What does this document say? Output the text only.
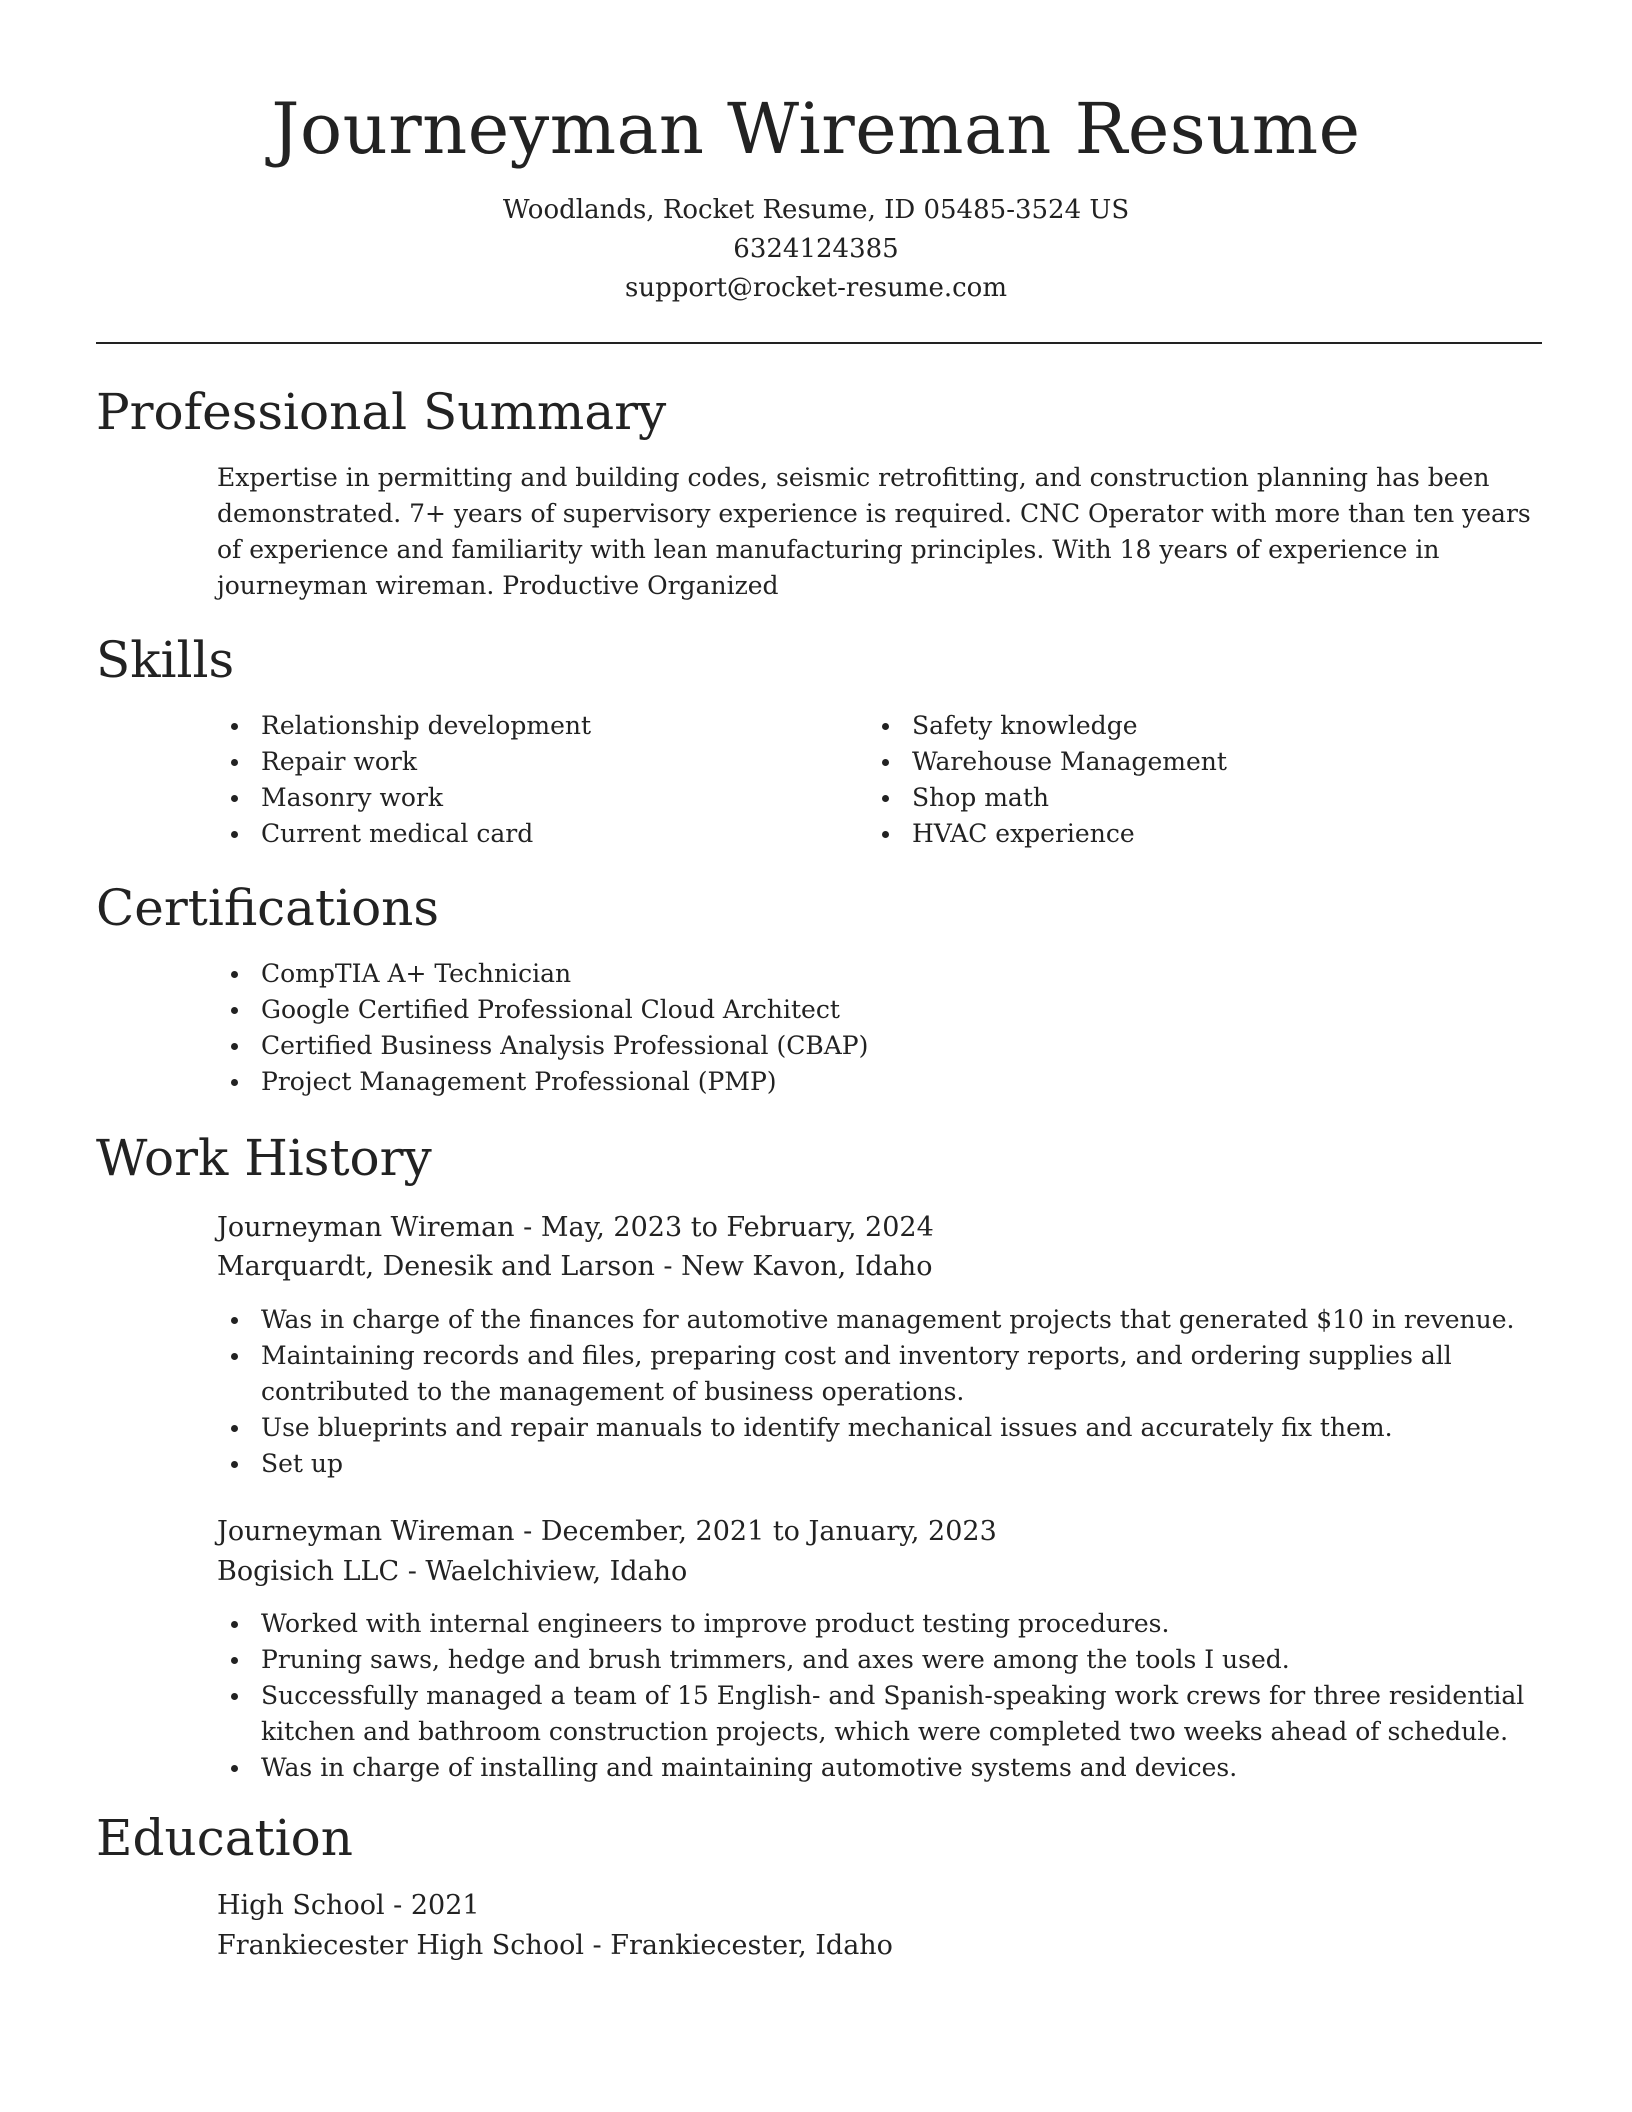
Journeyman Wireman Resume
Woodlands, Rocket Resume, ID 05485-3524 US
6324124385
support@rocket-resume.com
Professional Summary

Expertise in permitting and building codes, seismic retrofitting, and construction planning has been demonstrated. 7+ years of supervisory experience is required. CNC Operator with more than ten years of experience and familiarity with lean manufacturing principles. With 18 years of experience in journeyman wireman. Productive Organized

Skills
Relationship development
Repair work
Masonry work
Current medical card
Safety knowledge
Warehouse Management
Shop math
HVAC experience
Certifications
CompTIA A+ Technician
Google Certified Professional Cloud Architect
Certified Business Analysis Professional (CBAP)
Project Management Professional (PMP)
Work History
Journeyman Wireman - May, 2023 to February, 2024
Marquardt, Denesik and Larson - New Kavon, Idaho
Was in charge of the finances for automotive management projects that generated $10 in revenue.
Maintaining records and files, preparing cost and inventory reports, and ordering supplies all contributed to the management of business operations.
Use blueprints and repair manuals to identify mechanical issues and accurately fix them.
Set up
Journeyman Wireman - December, 2021 to January, 2023
Bogisich LLC - Waelchiview, Idaho
Worked with internal engineers to improve product testing procedures.
Pruning saws, hedge and brush trimmers, and axes were among the tools I used.
Successfully managed a team of 15 English- and Spanish-speaking work crews for three residential kitchen and bathroom construction projects, which were completed two weeks ahead of schedule.
Was in charge of installing and maintaining automotive systems and devices.
Education
High School - 2021
Frankiecester High School - Frankiecester, Idaho
